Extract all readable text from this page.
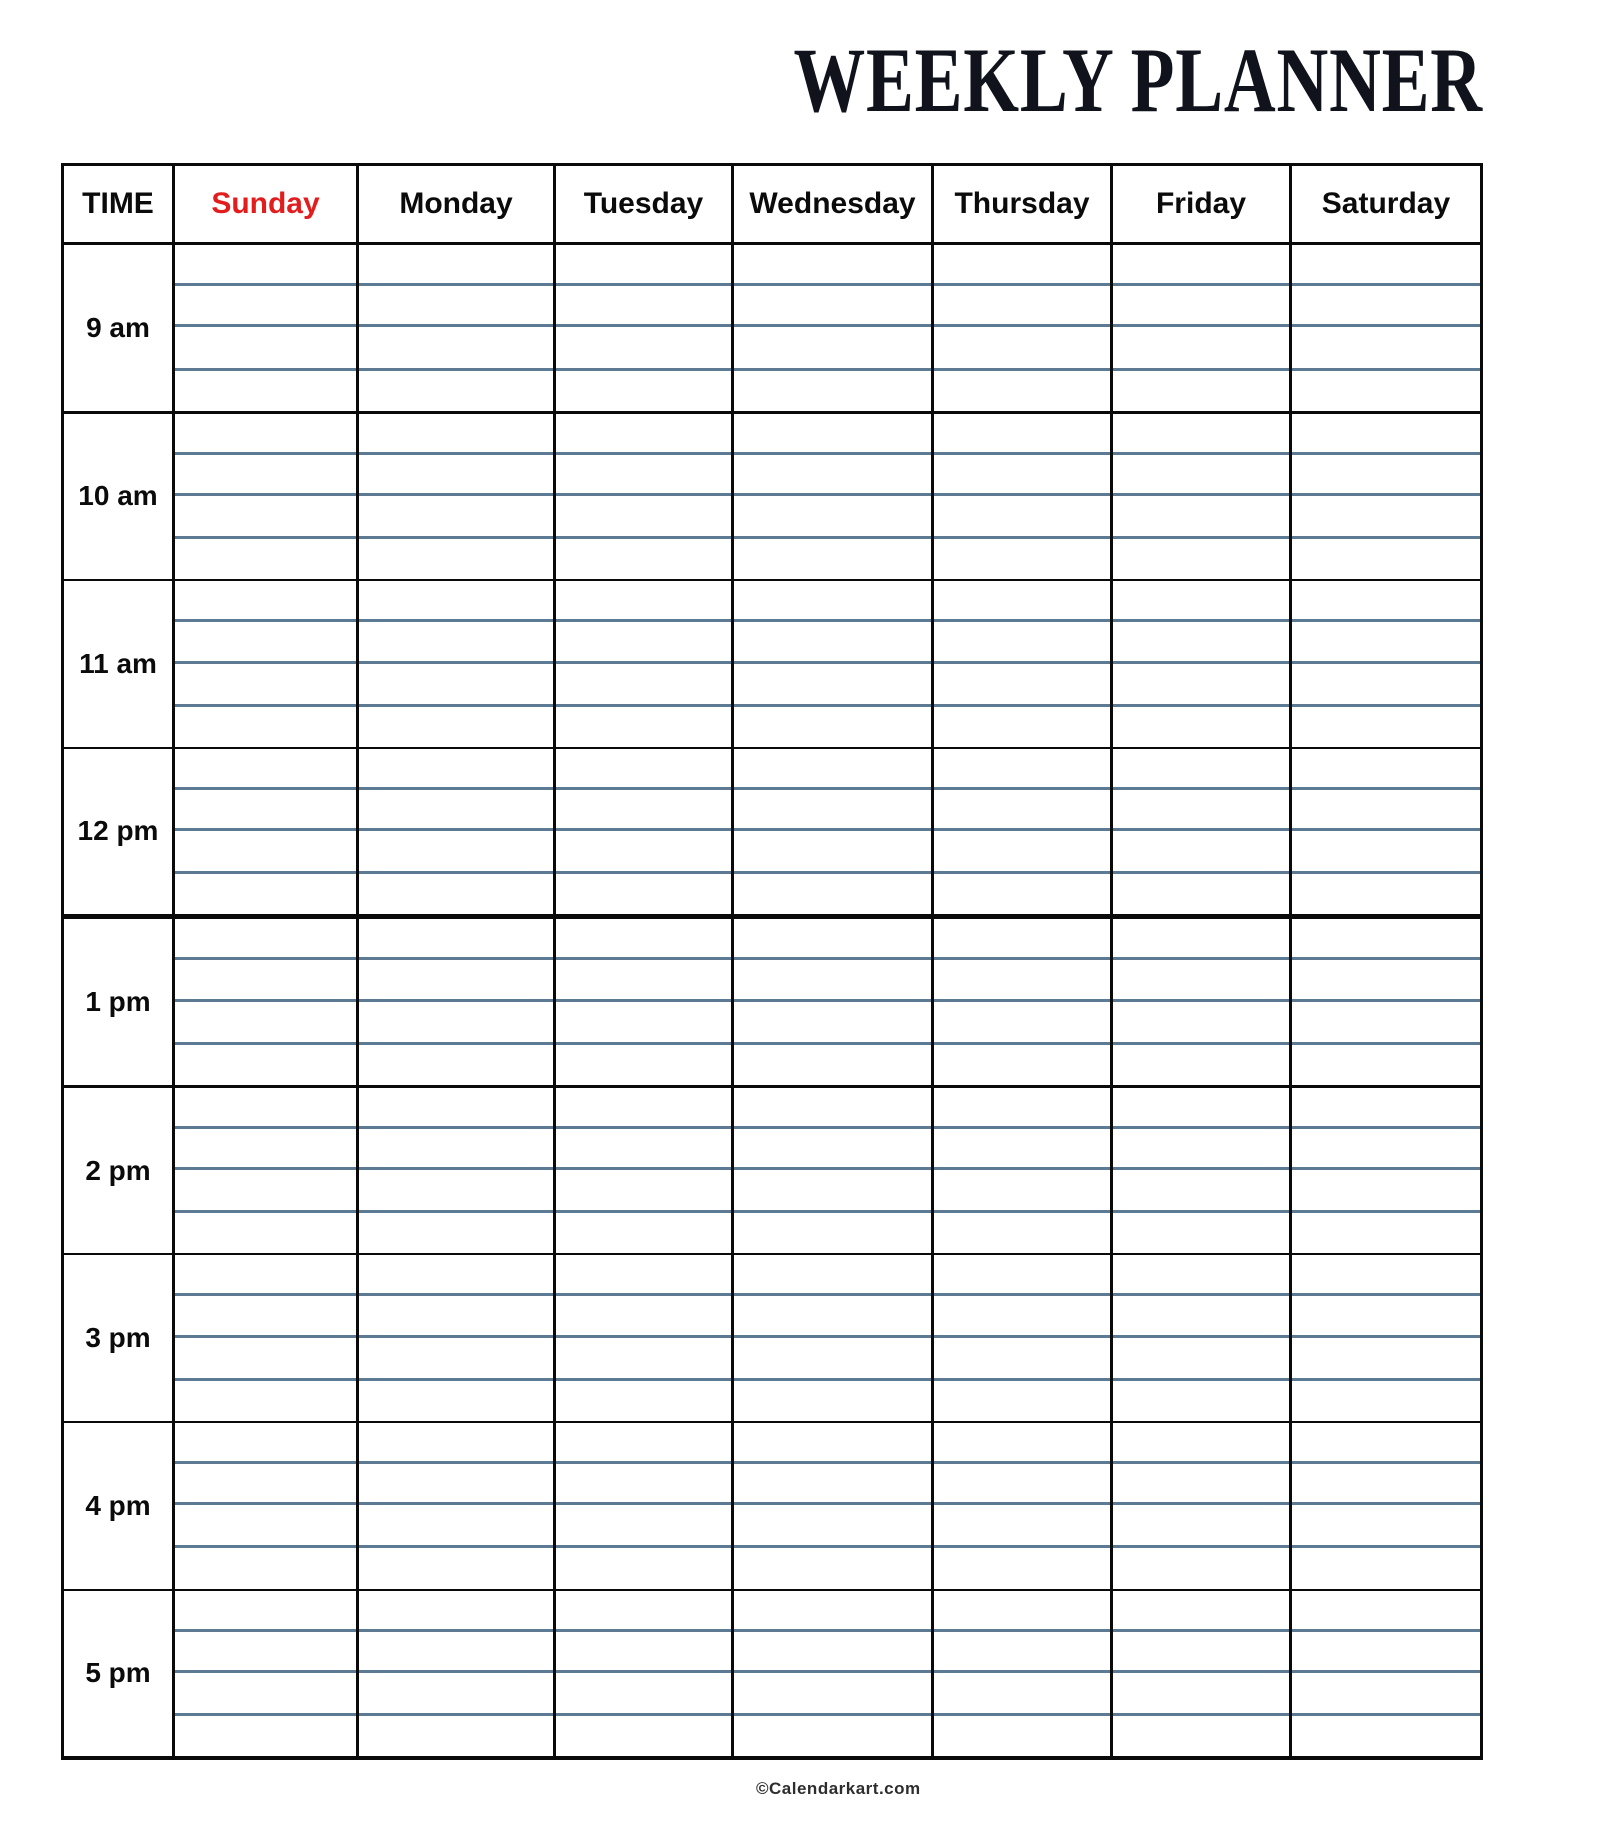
WEEKLY PLANNER
TIME Sunday	Monday Tuesday Wednesday Thursday Friday	Saturday
9 am
10 am
11 am
12 pm
1 pm
2 pm
3 pm
4 pm
5 pm
©Calendarkart.com
